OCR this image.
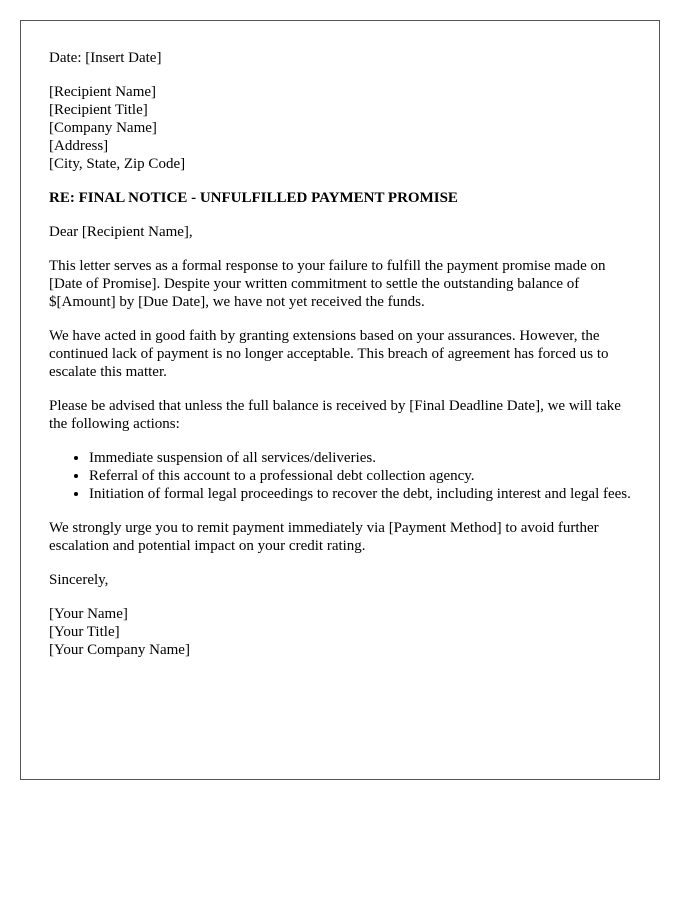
Date: [Insert Date]

[Recipient Name]
[Recipient Title]
[Company Name]
[Address]
[City, State, Zip Code]

RE: FINAL NOTICE - UNFULFILLED PAYMENT PROMISE

Dear [Recipient Name],

This letter serves as a formal response to your failure to fulfill the payment promise made on [Date of Promise]. Despite your written commitment to settle the outstanding balance of $[Amount] by [Due Date], we have not yet received the funds.

We have acted in good faith by granting extensions based on your assurances. However, the continued lack of payment is no longer acceptable. This breach of agreement has forced us to escalate this matter.

Please be advised that unless the full balance is received by [Final Deadline Date], we will take the following actions:

• Immediate suspension of all services/deliveries.
• Referral of this account to a professional debt collection agency.
• Initiation of formal legal proceedings to recover the debt, including interest and legal fees.

We strongly urge you to remit payment immediately via [Payment Method] to avoid further escalation and potential impact on your credit rating.

Sincerely,

[Your Name]
[Your Title]
[Your Company Name]
